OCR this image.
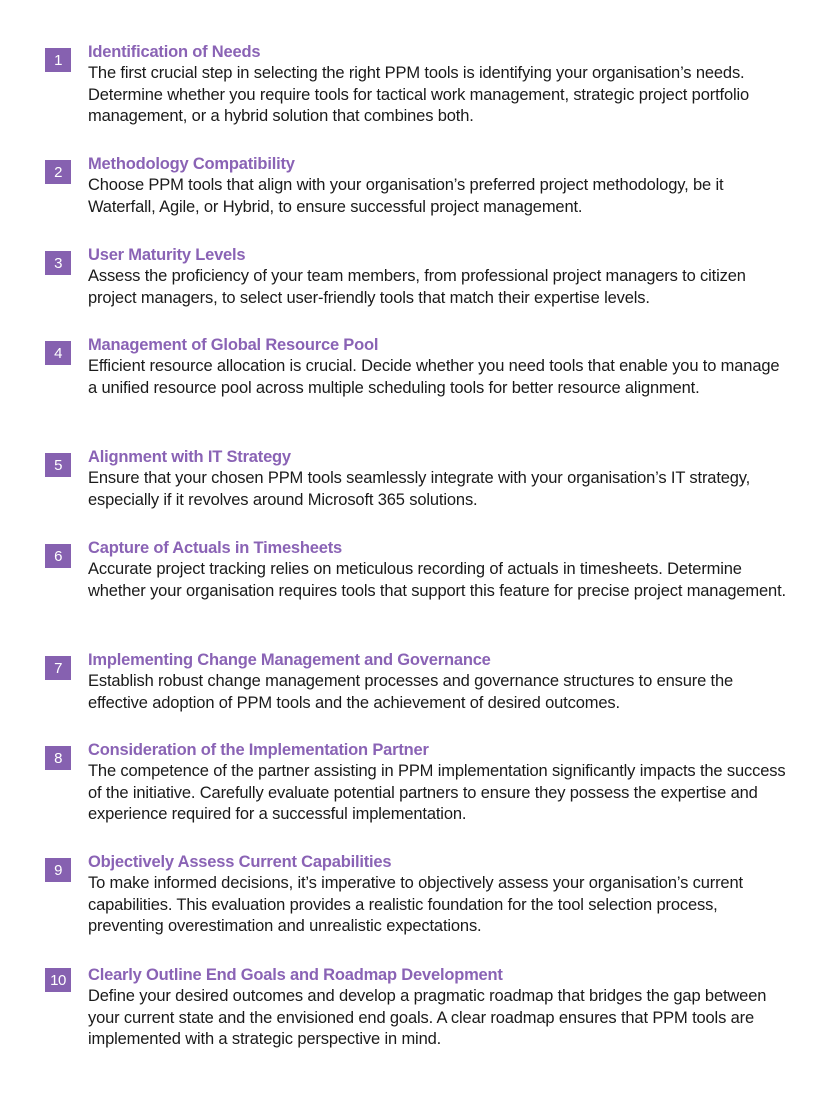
1	Identification of Needs
The first crucial step in selecting the right PPM tools is identifying your organisation’s needs. Determine whether you require tools for tactical work management, strategic project portfolio management, or a hybrid solution that combines both.
2	Methodology Compatibility
Choose PPM tools that align with your organisation’s preferred project methodology, be it Waterfall, Agile, or Hybrid, to ensure successful project management.
3	User Maturity Levels
Assess the proficiency of your team members, from professional project managers to citizen project managers, to select user-friendly tools that match their expertise levels.
4	Management of Global Resource Pool
Efficient resource allocation is crucial. Decide whether you need tools that enable you to manage a unified resource pool across multiple scheduling tools for better resource alignment.
5	Alignment with IT Strategy
Ensure that your chosen PPM tools seamlessly integrate with your organisation’s IT strategy, especially if it revolves around Microsoft 365 solutions.
6	Capture of Actuals in Timesheets
Accurate project tracking relies on meticulous recording of actuals in timesheets. Determine whether your organisation requires tools that support this feature for precise project management.
7	Implementing Change Management and Governance
Establish robust change management processes and governance structures to ensure the effective adoption of PPM tools and the achievement of desired outcomes.
8	Consideration of the Implementation Partner
The competence of the partner assisting in PPM implementation significantly impacts the success of the initiative. Carefully evaluate potential partners to ensure they possess the expertise and experience required for a successful implementation.
9	Objectively Assess Current Capabilities
To make informed decisions, it’s imperative to objectively assess your organisation’s current capabilities. This evaluation provides a realistic foundation for the tool selection process, preventing overestimation and unrealistic expectations.
10	Clearly Outline End Goals and Roadmap Development
Define your desired outcomes and develop a pragmatic roadmap that bridges the gap between your current state and the envisioned end goals. A clear roadmap ensures that PPM tools are implemented with a strategic perspective in mind.
